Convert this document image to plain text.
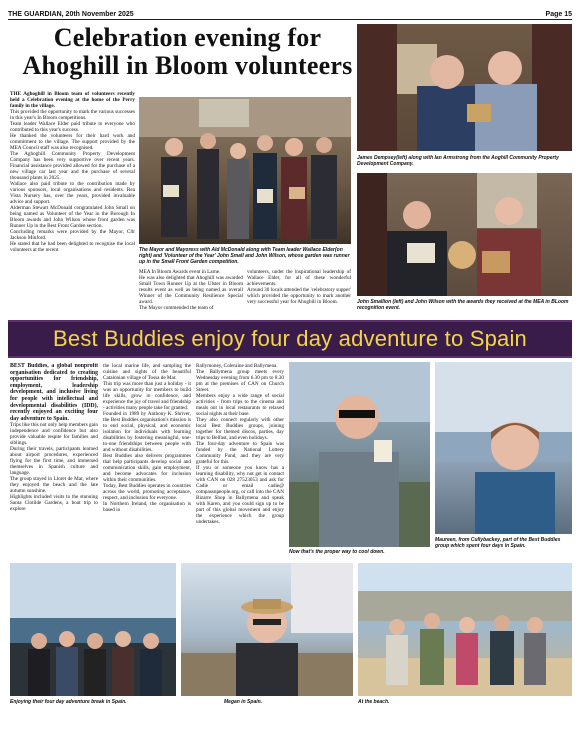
THE GUARDIAN, 20th November 2025	Page 15
Celebration evening for Ahoghill in Bloom volunteers

THE Aghoghill in Bloom team of volunteers recently held a Celebration evening at the home of the Perry family in the village.

This provided the opportunity to mark the various successes in this year's In Bloom competitions.

Team leader Wallace Elder paid tribute to everyone who contributed to this year's success.

He thanked the volunteers for their hard work and commitment to the village. The support provided by the MEA Council staff was also recognised.

The Aghoghill Community Property Development Company has been very supportive over recent years. Financial assistance provided allowed for the purchase of a new village car last year and the purchase of several thousand plants in 2025.

Wallace also paid tribute to the contribution made by various sponsors, local organisations and residents. Rea Vista Nursery has, over the years, provided invaluable advice and support.

Alderman Stewart McDonald congratulated John Small on being named as Volunteer of the Year in the Borough In Bloom awards and John Wilson whose front garden was Runner Up in the Best Front Garden section.

Concluding remarks were provided by the Mayor, Cllr Jackson Minford.

He stated that he had been delighted to recognise the local volunteers at the recent	The Mayor and Mayoress with Ald McDonald along with Team leader Wallace Elder(on right) and 'Volunteer of the Year' John Small and John Wilson, whose garden was runner up in the Small Front Garden competition.

MEA In Bloom Awards event in Larne.

He was also delighted that Ahoghill was awarded Small Town Runner Up at the Ulster in Bloom results event as well as being named as overall Winner of the Community Resilience Special award.

The Mayor commended the team of

volunteers, under the inspirational leadership of Wallace Elder, for all of these wonderful achievements.

Around 30 locals attended the 'celebratory supper' which provided the opportunity to mark another very successful year for Ahoghill in Bloom.

James Dempsey(left) along with Ian Armstrong from the Aoghill Community Property Development Company.
John Smallion (left) and John Wilson with the awards they received at the MEA in BLoom recognition event.
Best Buddies enjoy four day adventure to Spain

BEST Buddies, a global nonprofit organisation dedicated to creating opportunities for friendship, employment, leadership development, and inclusive living for people with intellectual and developmental disabilities (IDD), recently enjoyed an exciting four day adventure to Spain.

Trips like this not only help members gain independence and confidence but also provide valuable respite for families and siblings.

During their travels, participants learned about airport procedures, experienced flying for the first time, and immersed themselves in Spanish culture and language.

The group stayed in Lloret de Mar, where they enjoyed the beach and the late autumn sunshine.

Highlights included visits to the stunning Santa Clotilde Gardens, a boat trip to explore

the local marine life, and sampling the cuisine and sights of the beautiful Catalonian village of Tossa de Mar.

This trip was more than just a holiday - it was an opportunity for members to build life skills, grow in confidence, and experience the joy of travel and friendship - activities many people take for granted.

Founded in 1989 by Anthony K. Shriver, the Best Buddies organisation's mission is to end social, physical, and economic isolation for individuals with learning disabilities by fostering meaningful, one-to-one friendships between people with and without disabilities.

Best Buddies also delivers programmes that help participants develop social and communication skills, gain employment, and become advocates for inclusion within their communities.

Today, Best Buddies operates in countries across the world, promoting acceptance, respect, and inclusion for everyone.

In Northern Ireland, the organisation is based in

Ballymoney, Coleraine and Ballymena.

The Ballymena group meets every Wednesday evening from 6.30 pm to 8.30 pm at the premises of CAN on Church Street.

Members enjoy a wide range of social activities - from trips to the cinema and meals out in local restaurants to relaxed social nights at their base.

They also connect regularly with other local Best Buddies groups, joining together for themed discos, parties, day trips to Belfast, and even holidays.

The four-day adventure to Spain was funded by the National Lottery Community Fund, and they are very grateful for this.

If you or someone you know has a learning disability, why not get in contact with CAN on 028 27523053 and ask for Cadie or email cadie@ compassnpeople.org, or call into the CAN Bizarre Shop in Ballymena and speak with Karen, and you could sign up to be part of this global movement and enjoy the experience which the group undertakes.

Now that's the proper way to cool down.
Maureen, from Cullybackey, part of the Best Buddies group which spent four days in Spain.
Enjoying their four day adventure break in Spain.	Megan in Spain.	At the beach.
